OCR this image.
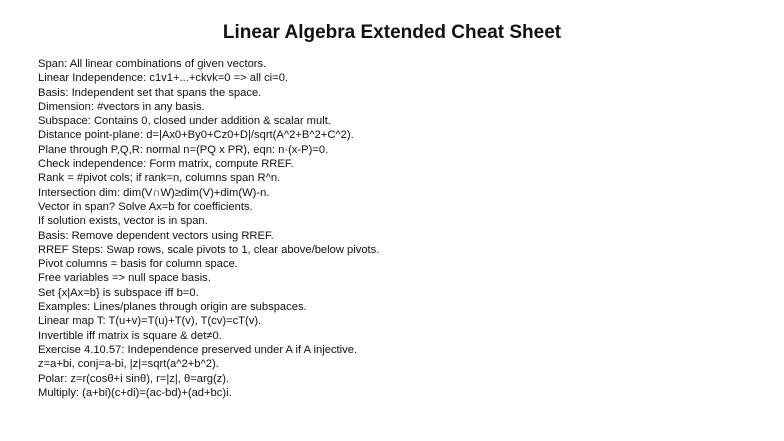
Linear Algebra Extended Cheat Sheet
Span: All linear combinations of given vectors.
Linear Independence: c1v1+...+ckvk=0 => all ci=0.
Basis: Independent set that spans the space.
Dimension: #vectors in any basis.
Subspace: Contains 0, closed under addition & scalar mult.
Distance point-plane: d=|Ax0+By0+Cz0+D|/sqrt(A^2+B^2+C^2).
Plane through P,Q,R: normal n=(PQ x PR), eqn: n·(x-P)=0.
Check independence: Form matrix, compute RREF.
Rank = #pivot cols; if rank=n, columns span R^n.
Intersection dim: dim(V∩W)≥dim(V)+dim(W)-n.
Vector in span? Solve Ax=b for coefficients.
If solution exists, vector is in span.
Basis: Remove dependent vectors using RREF.
RREF Steps: Swap rows, scale pivots to 1, clear above/below pivots.
Pivot columns = basis for column space.
Free variables => null space basis.
Set {x|Ax=b} is subspace iff b=0.
Examples: Lines/planes through origin are subspaces.
Linear map T: T(u+v)=T(u)+T(v), T(cv)=cT(v).
Invertible iff matrix is square & det≠0.
Exercise 4.10.57: Independence preserved under A if A injective.
z=a+bi, conj=a-bi, |z|=sqrt(a^2+b^2).
Polar: z=r(cosθ+i sinθ), r=|z|, θ=arg(z).
Multiply: (a+bi)(c+di)=(ac-bd)+(ad+bc)i.
